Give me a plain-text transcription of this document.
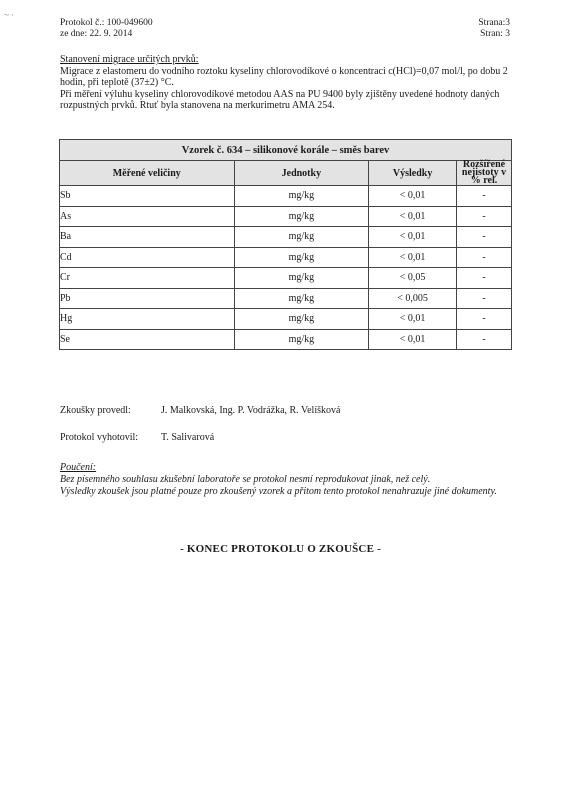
~ ·
Protokol č.: 100-049600
ze dne: 22. 9. 2014
Strana:3
Stran: 3
Stanovení migrace určitých prvků:

Migrace z elastomeru do vodního roztoku kyseliny chlorovodíkové o koncentraci c(HCl)=0,07 mol/l, po dobu 2 hodin, při teplotě (37±2) °C.

Při měření výluhu kyseliny chlorovodíkové metodou AAS na PU 9400 byly zjištěny uvedené hodnoty daných rozpustných prvků. Rtuť byla stanovena na merkurimetru AMA 254.

Vzorek č. 634 – silikonové korále – směs barev			
Měřené veličiny	Jednotky	Výsledky	Rozšířené nejistoty v % rel.
Sb	mg/kg	< 0,01	-
As	mg/kg	< 0,01	-
Ba	mg/kg	< 0,01	-
Cd	mg/kg	< 0,01	-
Cr	mg/kg	< 0,05	-
Pb	mg/kg	< 0,005	-
Hg	mg/kg	< 0,01	-
Se	mg/kg	< 0,01	-
Zkoušky provedl:	J. Malkovská, Ing. P. Vodrážka, R. Velíšková
Protokol vyhotovil: T. Salivarová
Poučení:

Bez písemného souhlasu zkušební laboratoře se protokol nesmí reprodukovat jinak, než celý.

Výsledky zkoušek jsou platné pouze pro zkoušený vzorek a přitom tento protokol nenahrazuje jiné dokumenty.

- KONEC PROTOKOLU O ZKOUŠCE -
